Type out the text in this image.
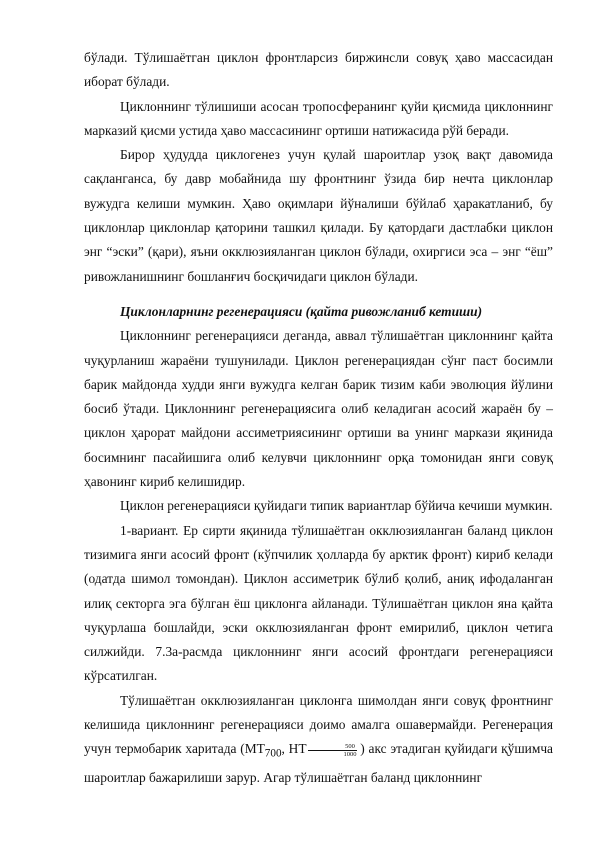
бўлади. Тўлишаётган циклон фронтларсиз биржинсли совуқ ҳаво массасидан иборат бўлади.

Циклоннинг тўлишиши асосан тропосферанинг қуйи қисмида циклоннинг марказий қисми устида ҳаво массасининг ортиши натижасида рўй беради.

Бирор ҳудудда циклогенез учун қулай шароитлар узоқ вақт давомида сақланганса, бу давр мобайнида шу фронтнинг ўзида бир нечта циклонлар вужудга келиши мумкин. Ҳаво оқимлари йўналиши бўйлаб ҳаракатланиб, бу циклонлар циклонлар қаторини ташкил қилади. Бу қатордаги дастлабки циклон энг “эски” (қари), яъни окклюзияланган циклон бўлади, охиргиси эса – энг “ёш” ривожланишнинг бошланғич босқичидаги циклон бўлади.

Циклонларнинг регенерацияси (қайта ривожланиб кетиши)

Циклоннинг регенерацияси деганда, аввал тўлишаётган циклоннинг қайта чуқурланиш жараёни тушунилади. Циклон регенерациядан сўнг паст босимли барик майдонда худди янги вужудга келган барик тизим каби эволюция йўлини босиб ўтади. Циклоннинг регенерациясига олиб келадиган асосий жараён бу – циклон ҳарорат майдони ассиметриясининг ортиши ва унинг маркази яқинида босимнинг пасайишига олиб келувчи циклоннинг орқа томонидан янги совуқ ҳавонинг кириб келишидир.

Циклон регенерацияси қуйидаги типик вариантлар бўйича кечиши мумкин.

1-вариант. Ер сирти яқинида тўлишаётган окклюзияланган баланд циклон тизимига янги асосий фронт (кўпчилик ҳолларда бу арктик фронт) кириб келади (одатда шимол томондан). Циклон ассиметрик бўлиб қолиб, аниқ ифодаланган илиқ секторга эга бўлган ёш циклонга айланади. Тўлишаётган циклон яна қайта чуқурлаша бошлайди, эски окклюзияланган фронт емирилиб, циклон четига силжийди. 7.3а-расмда циклоннинг янги асосий фронтдаги регенерацияси кўрсатилган.

Тўлишаётган окклюзияланган циклонга шимолдан янги совуқ фронтнинг келишида циклоннинг регенерацияси доимо амалга ошавермайди. Регенерация учун термобарик харитада ($МТ_{700}$, НТ $\frac{500}{1000}$ ) акс этадиган қуйидаги қўшимча шароитлар бажарилиши зарур. Агар тўлишаётган баланд циклоннинг
